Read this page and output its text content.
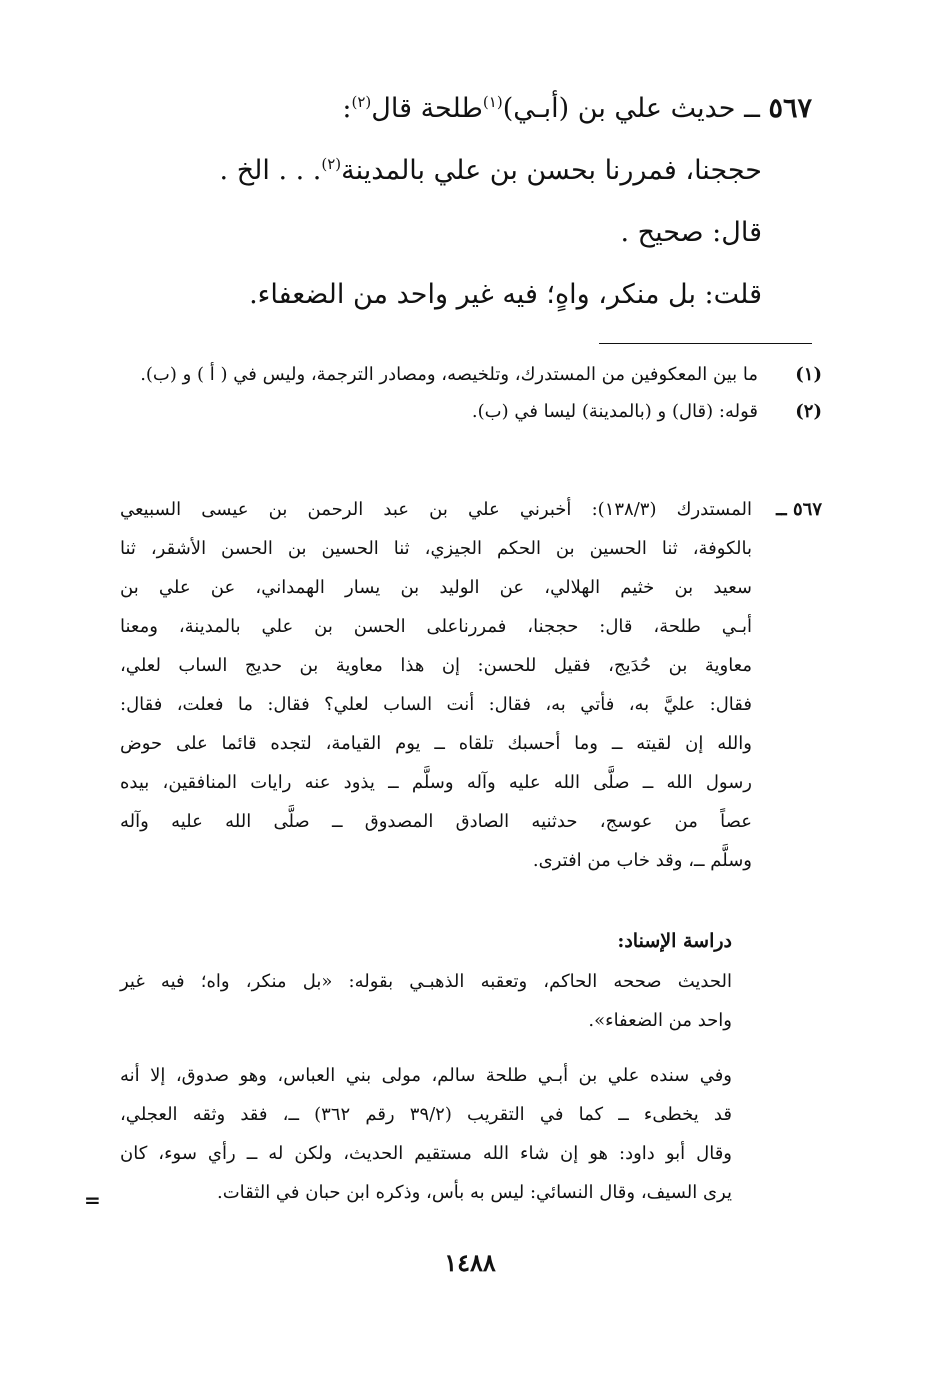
٥٦٧ ــ حديث علي بن (أبـي)$^{(١)}$طلحة قال$^{(٢)}$:
حججنا، فمررنا بحسن بن علي بالمدينة$^{(٢)}$. . . الخ .
قال: صحيح .
قلت: بل منكر، واهٍ؛ فيه غير واحد من الضعفاء.
(١)
ما بين المعكوفين من المستدرك، وتلخيصه، ومصادر الترجمة، وليس في ( أ ) و (ب).
(٢)
قوله: (قال) و (بالمدينة) ليسا في (ب).
٥٦٧ ــ
المستدرك (١٣٨/٣): أخبرني علي بن عبد الرحمن بن عيسى السبيعي
بالكوفة، ثنا الحسين بن الحكم الجيزي، ثنا الحسين بن الحسن الأشقر، ثنا
سعيد بن خثيم الهلالي، عن الوليد بن يسار الهمداني، عن علي بن
أبـي طلحة، قال: حججنا، فمررناعلى الحسن بن علي بالمدينة، ومعنا
معاوية بن حُدَيج، فقيل للحسن: إن هذا معاوية بن حديج الساب لعلي،
فقال: عليَّ به، فأتي به، فقال: أنت الساب لعلي؟ فقال: ما فعلت، فقال:
والله إن لقيته ــ وما أحسبك تلقاه ــ يوم القيامة، لتجده قائما على حوض
رسول الله ــ صلَّى الله عليه وآله وسلَّم ــ يذود عنه رايات المنافقين، بيده
عصاً من عوسج، حدثنيه الصادق المصدوق ــ صلَّى الله عليه وآله
وسلَّم ــ، وقد خاب من افترى.
دراسة الإسناد:
الحديث صححه الحاكم، وتعقبه الذهبـي بقوله: «بل منكر، واه؛ فيه غير
واحد من الضعفاء».
وفي سنده علي بن أبـي طلحة سالم، مولى بني العباس، وهو صدوق، إلا أنه
قد يخطىء ــ كما في التقريب (٣٩/٢ رقم ٣٦٢) ــ، فقد وثقه العجلي،
وقال أبو داود: هو إن شاء الله مستقيم الحديث، ولكن له ــ رأي سوء، كان
يرى السيف، وقال النسائي: ليس به بأس، وذكره ابن حبان في الثقات.
=
١٤٨٨
